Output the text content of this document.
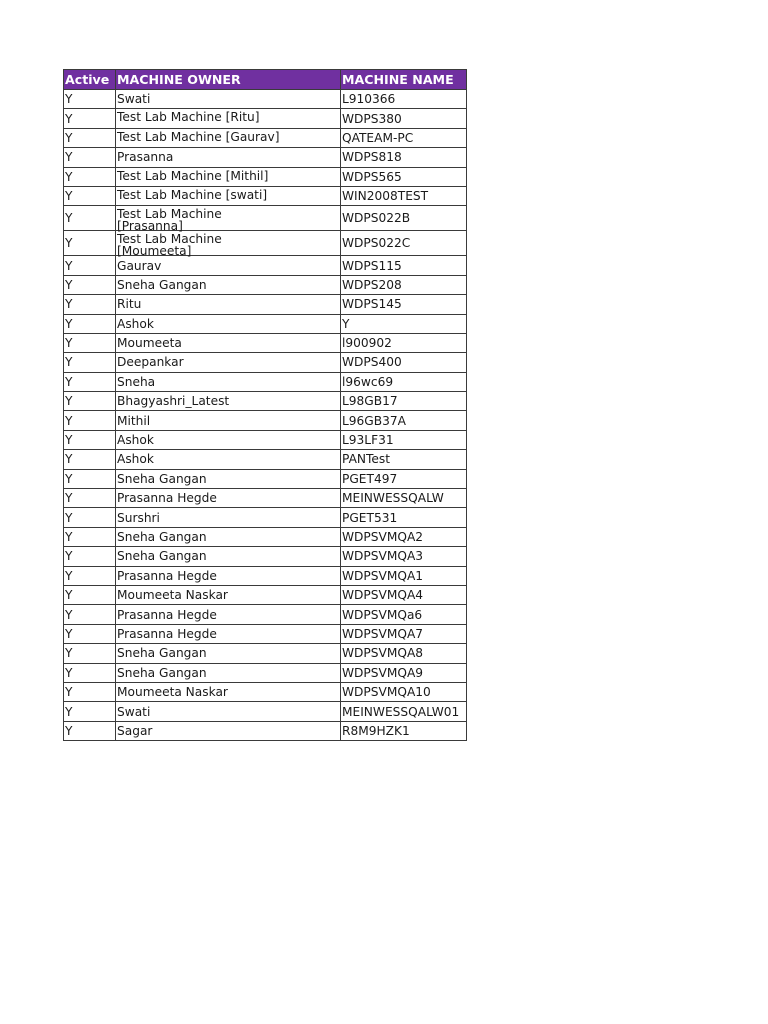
Active	MACHINE OWNER	MACHINE NAME
Y	Swati	L910366
Y	Test Lab Machine [Ritu]	WDPS380
Y	Test Lab Machine [Gaurav]	QATEAM-PC
Y	Prasanna	WDPS818
Y	Test Lab Machine [Mithil]	WDPS565
Y	Test Lab Machine [swati]	WIN2008TEST
Y	Test Lab Machine [Prasanna]	WDPS022B
Y	Test Lab Machine [Moumeeta]	WDPS022C
Y	Gaurav	WDPS115
Y	Sneha Gangan	WDPS208
Y	Ritu	WDPS145
Y	Ashok	Y
Y	Moumeeta	l900902
Y	Deepankar	WDPS400
Y	Sneha	l96wc69
Y	Bhagyashri_Latest	L98GB17
Y	Mithil	L96GB37A
Y	Ashok	L93LF31
Y	Ashok	PANTest
Y	Sneha Gangan	PGET497
Y	Prasanna Hegde	MEINWESSQALW
Y	Surshri	PGET531
Y	Sneha Gangan	WDPSVMQA2
Y	Sneha Gangan	WDPSVMQA3
Y	Prasanna Hegde	WDPSVMQA1
Y	Moumeeta Naskar	WDPSVMQA4
Y	Prasanna Hegde	WDPSVMQa6
Y	Prasanna Hegde	WDPSVMQA7
Y	Sneha Gangan	WDPSVMQA8
Y	Sneha Gangan	WDPSVMQA9
Y	Moumeeta Naskar	WDPSVMQA10
Y	Swati	MEINWESSQALW01
Y	Sagar	R8M9HZK1
